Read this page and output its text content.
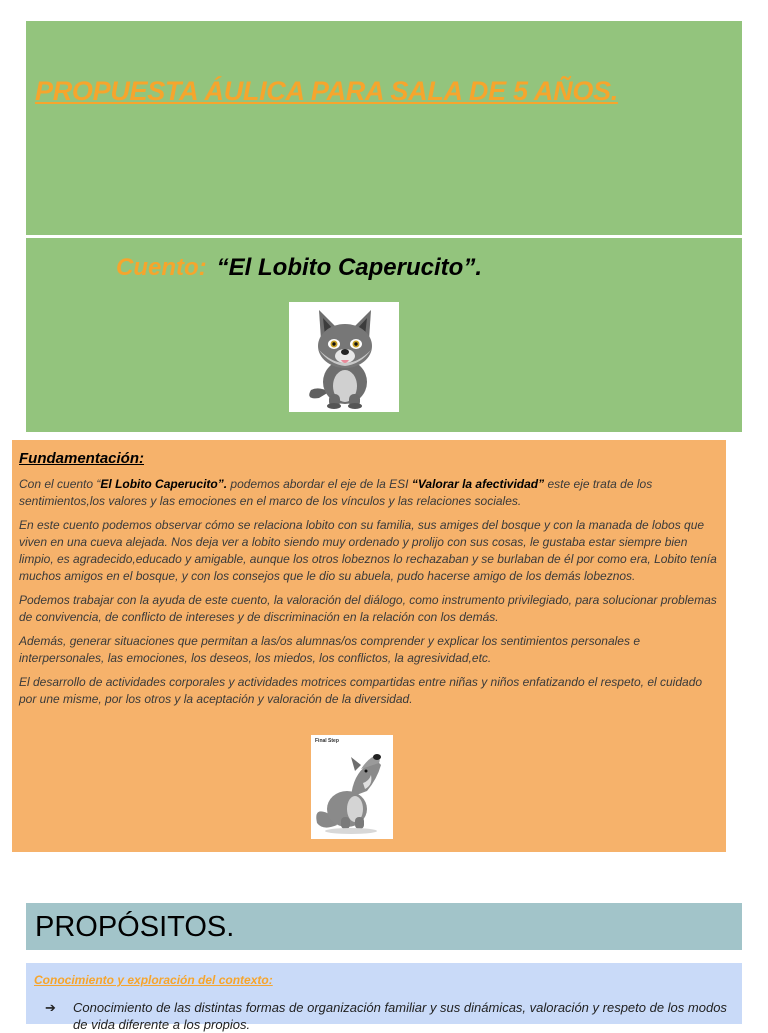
PROPUESTA ÁULICA PARA SALA DE 5 AÑOS.
Cuento: “El Lobito Caperucito”.
Fundamentación:

Con el cuento “El Lobito Caperucito”. podemos abordar el eje de la ESI “Valorar la afectividad” este eje trata de los sentimientos,los valores y las emociones en el marco de los vínculos y las relaciones sociales.

En este cuento podemos observar cómo se relaciona lobito con su familia, sus amiges del bosque y con la manada de lobos que viven en una cueva alejada. Nos deja ver a lobito siendo muy ordenado y prolijo con sus cosas, le gustaba estar siempre bien limpio, es agradecido,educado y amigable, aunque los otros lobeznos lo rechazaban y se burlaban de él por como era, Lobito tenía muchos amigos en el bosque, y con los consejos que le dio su abuela, pudo hacerse amigo de los demás lobeznos.

Podemos trabajar con la ayuda de este cuento, la valoración del diálogo, como instrumento privilegiado, para solucionar problemas de convivencia, de conflicto de intereses y de discriminación en la relación con los demás.

Además, generar situaciones que permitan a las/os alumnas/os comprender y explicar los sentimientos personales e interpersonales, las emociones, los deseos, los miedos, los conflictos, la agresividad,etc.

El desarrollo de actividades corporales y actividades motrices compartidas entre niñas y niños enfatizando el respeto, el cuidado por une misme, por los otros y la aceptación y valoración de la diversidad.

Final Step
PROPÓSITOS.
Conocimiento y exploración del contexto:
➔	Conocimiento de las distintas formas de organización familiar y sus dinámicas, valoración y respeto de los modos de vida diferente a los propios.
